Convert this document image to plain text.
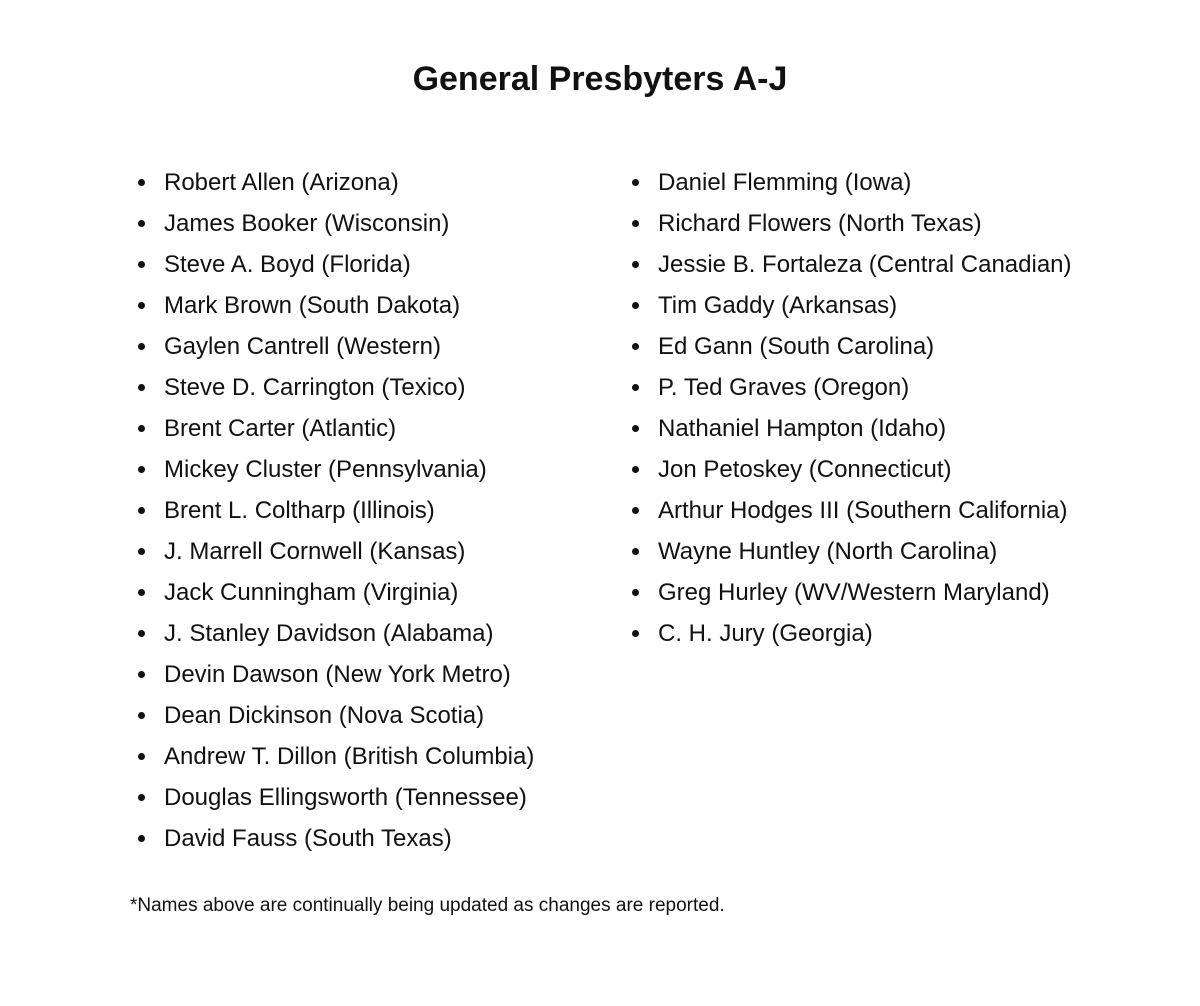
General Presbyters A-J
Robert Allen (Arizona)
James Booker (Wisconsin)
Steve A. Boyd (Florida)
Mark Brown (South Dakota)
Gaylen Cantrell (Western)
Steve D. Carrington (Texico)
Brent Carter (Atlantic)
Mickey Cluster (Pennsylvania)
Brent L. Coltharp (Illinois)
J. Marrell Cornwell (Kansas)
Jack Cunningham (Virginia)
J. Stanley Davidson (Alabama)
Devin Dawson (New York Metro)
Dean Dickinson (Nova Scotia)
Andrew T. Dillon (British Columbia)
Douglas Ellingsworth (Tennessee)
David Fauss (South Texas)
Daniel Flemming (Iowa)
Richard Flowers (North Texas)
Jessie B. Fortaleza (Central Canadian)
Tim Gaddy (Arkansas)
Ed Gann (South Carolina)
P. Ted Graves (Oregon)
Nathaniel Hampton (Idaho)
Jon Petoskey (Connecticut)
Arthur Hodges III (Southern California)
Wayne Huntley (North Carolina)
Greg Hurley (WV/Western Maryland)
C. H. Jury (Georgia)

*Names above are continually being updated as changes are reported.
